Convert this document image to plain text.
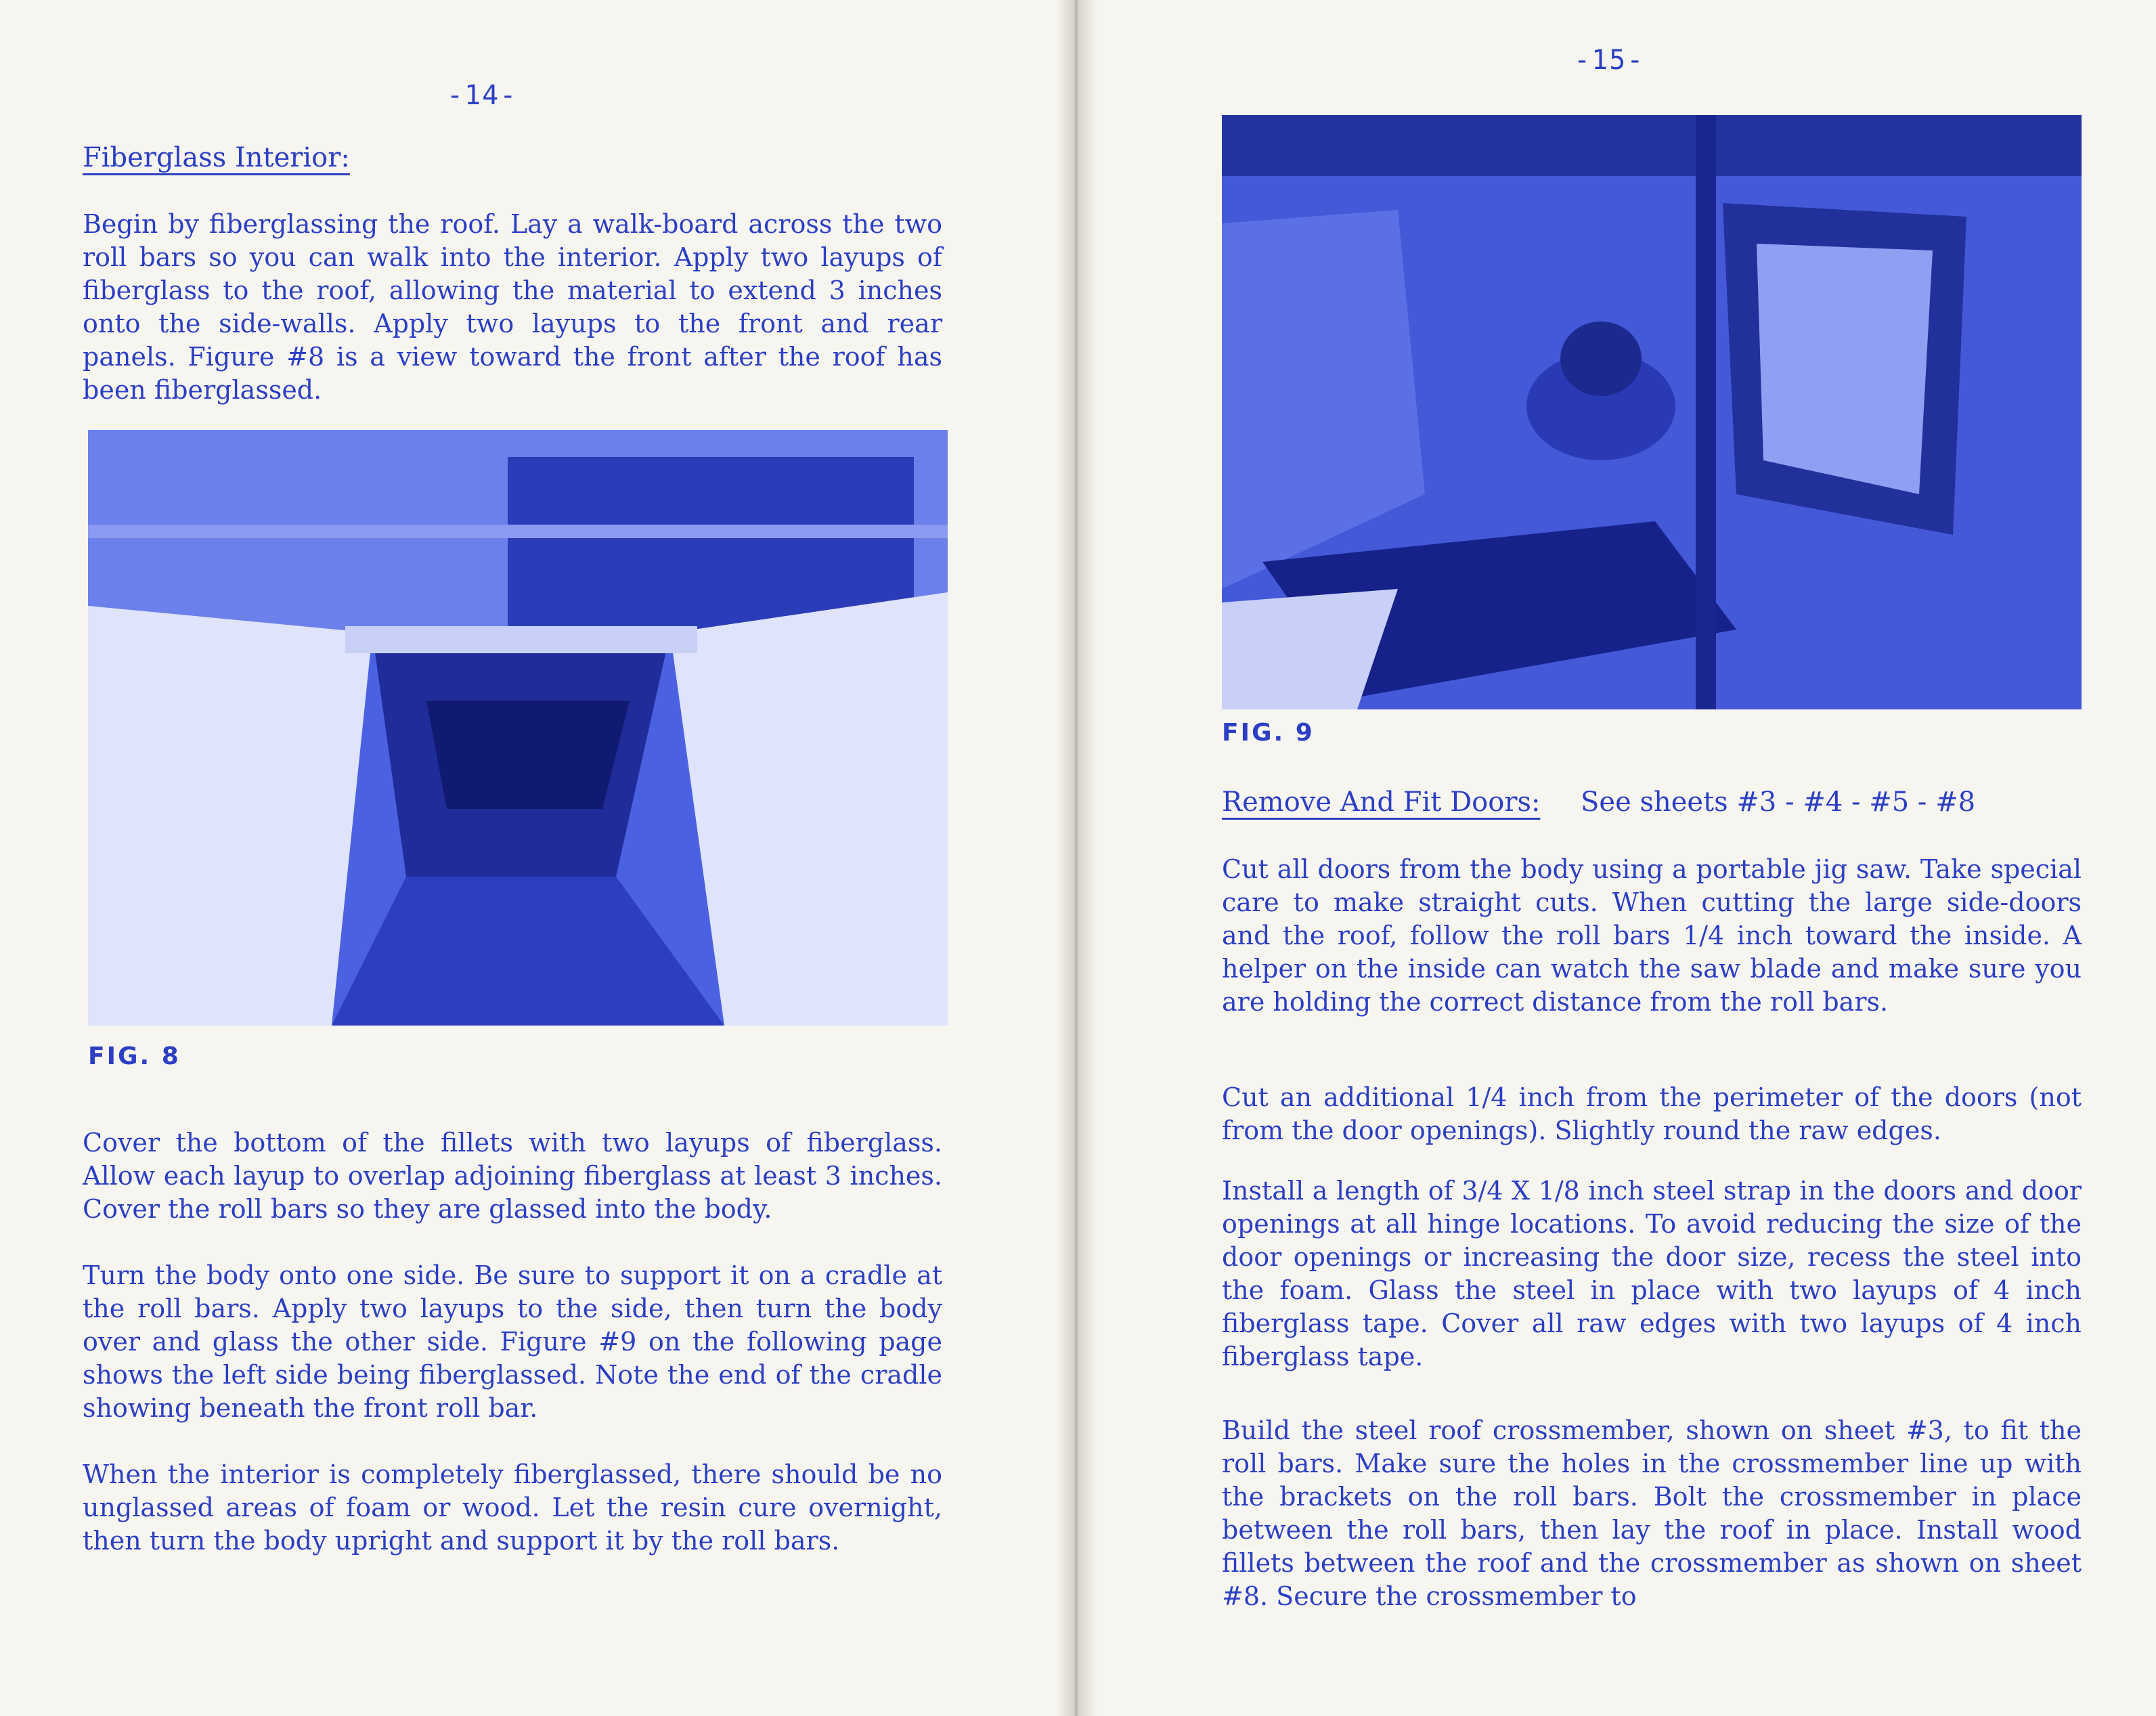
-14-
Fiberglass Interior:

Begin by fiberglassing the roof. Lay a walk-board across the two roll bars so you can walk into the interior. Apply two layups of fiberglass to the roof, allowing the material to extend 3 inches onto the side-walls. Apply two layups to the front and rear panels. Figure #8 is a view toward the front after the roof has been fiberglassed.

FIG. 8

Cover the bottom of the fillets with two layups of fiberglass. Allow each layup to overlap adjoining fiberglass at least 3 inches. Cover the roll bars so they are glassed into the body.

Turn the body onto one side. Be sure to support it on a cradle at the roll bars. Apply two layups to the side, then turn the body over and glass the other side. Figure #9 on the following page shows the left side being fiberglassed. Note the end of the cradle showing beneath the front roll bar.

When the interior is completely fiberglassed, there should be no unglassed areas of foam or wood. Let the resin cure overnight, then turn the body upright and support it by the roll bars.

-15-
FIG. 9
Remove And Fit Doors: See sheets #3 - #4 - #5 - #8

Cut all doors from the body using a portable jig saw. Take special care to make straight cuts. When cutting the large side-doors and the roof, follow the roll bars 1/4 inch toward the inside. A helper on the inside can watch the saw blade and make sure you are holding the correct distance from the roll bars.

Cut an additional 1/4 inch from the perimeter of the doors (not from the door openings). Slightly round the raw edges.

Install a length of 3/4 X 1/8 inch steel strap in the doors and door openings at all hinge locations. To avoid reducing the size of the door openings or increasing the door size, recess the steel into the foam. Glass the steel in place with two layups of 4 inch fiberglass tape. Cover all raw edges with two layups of 4 inch fiberglass tape.

Build the steel roof crossmember, shown on sheet #3, to fit the roll bars. Make sure the holes in the crossmember line up with the brackets on the roll bars. Bolt the crossmember in place between the roll bars, then lay the roof in place. Install wood fillets between the roof and the crossmember as shown on sheet #8. Secure the crossmember to
